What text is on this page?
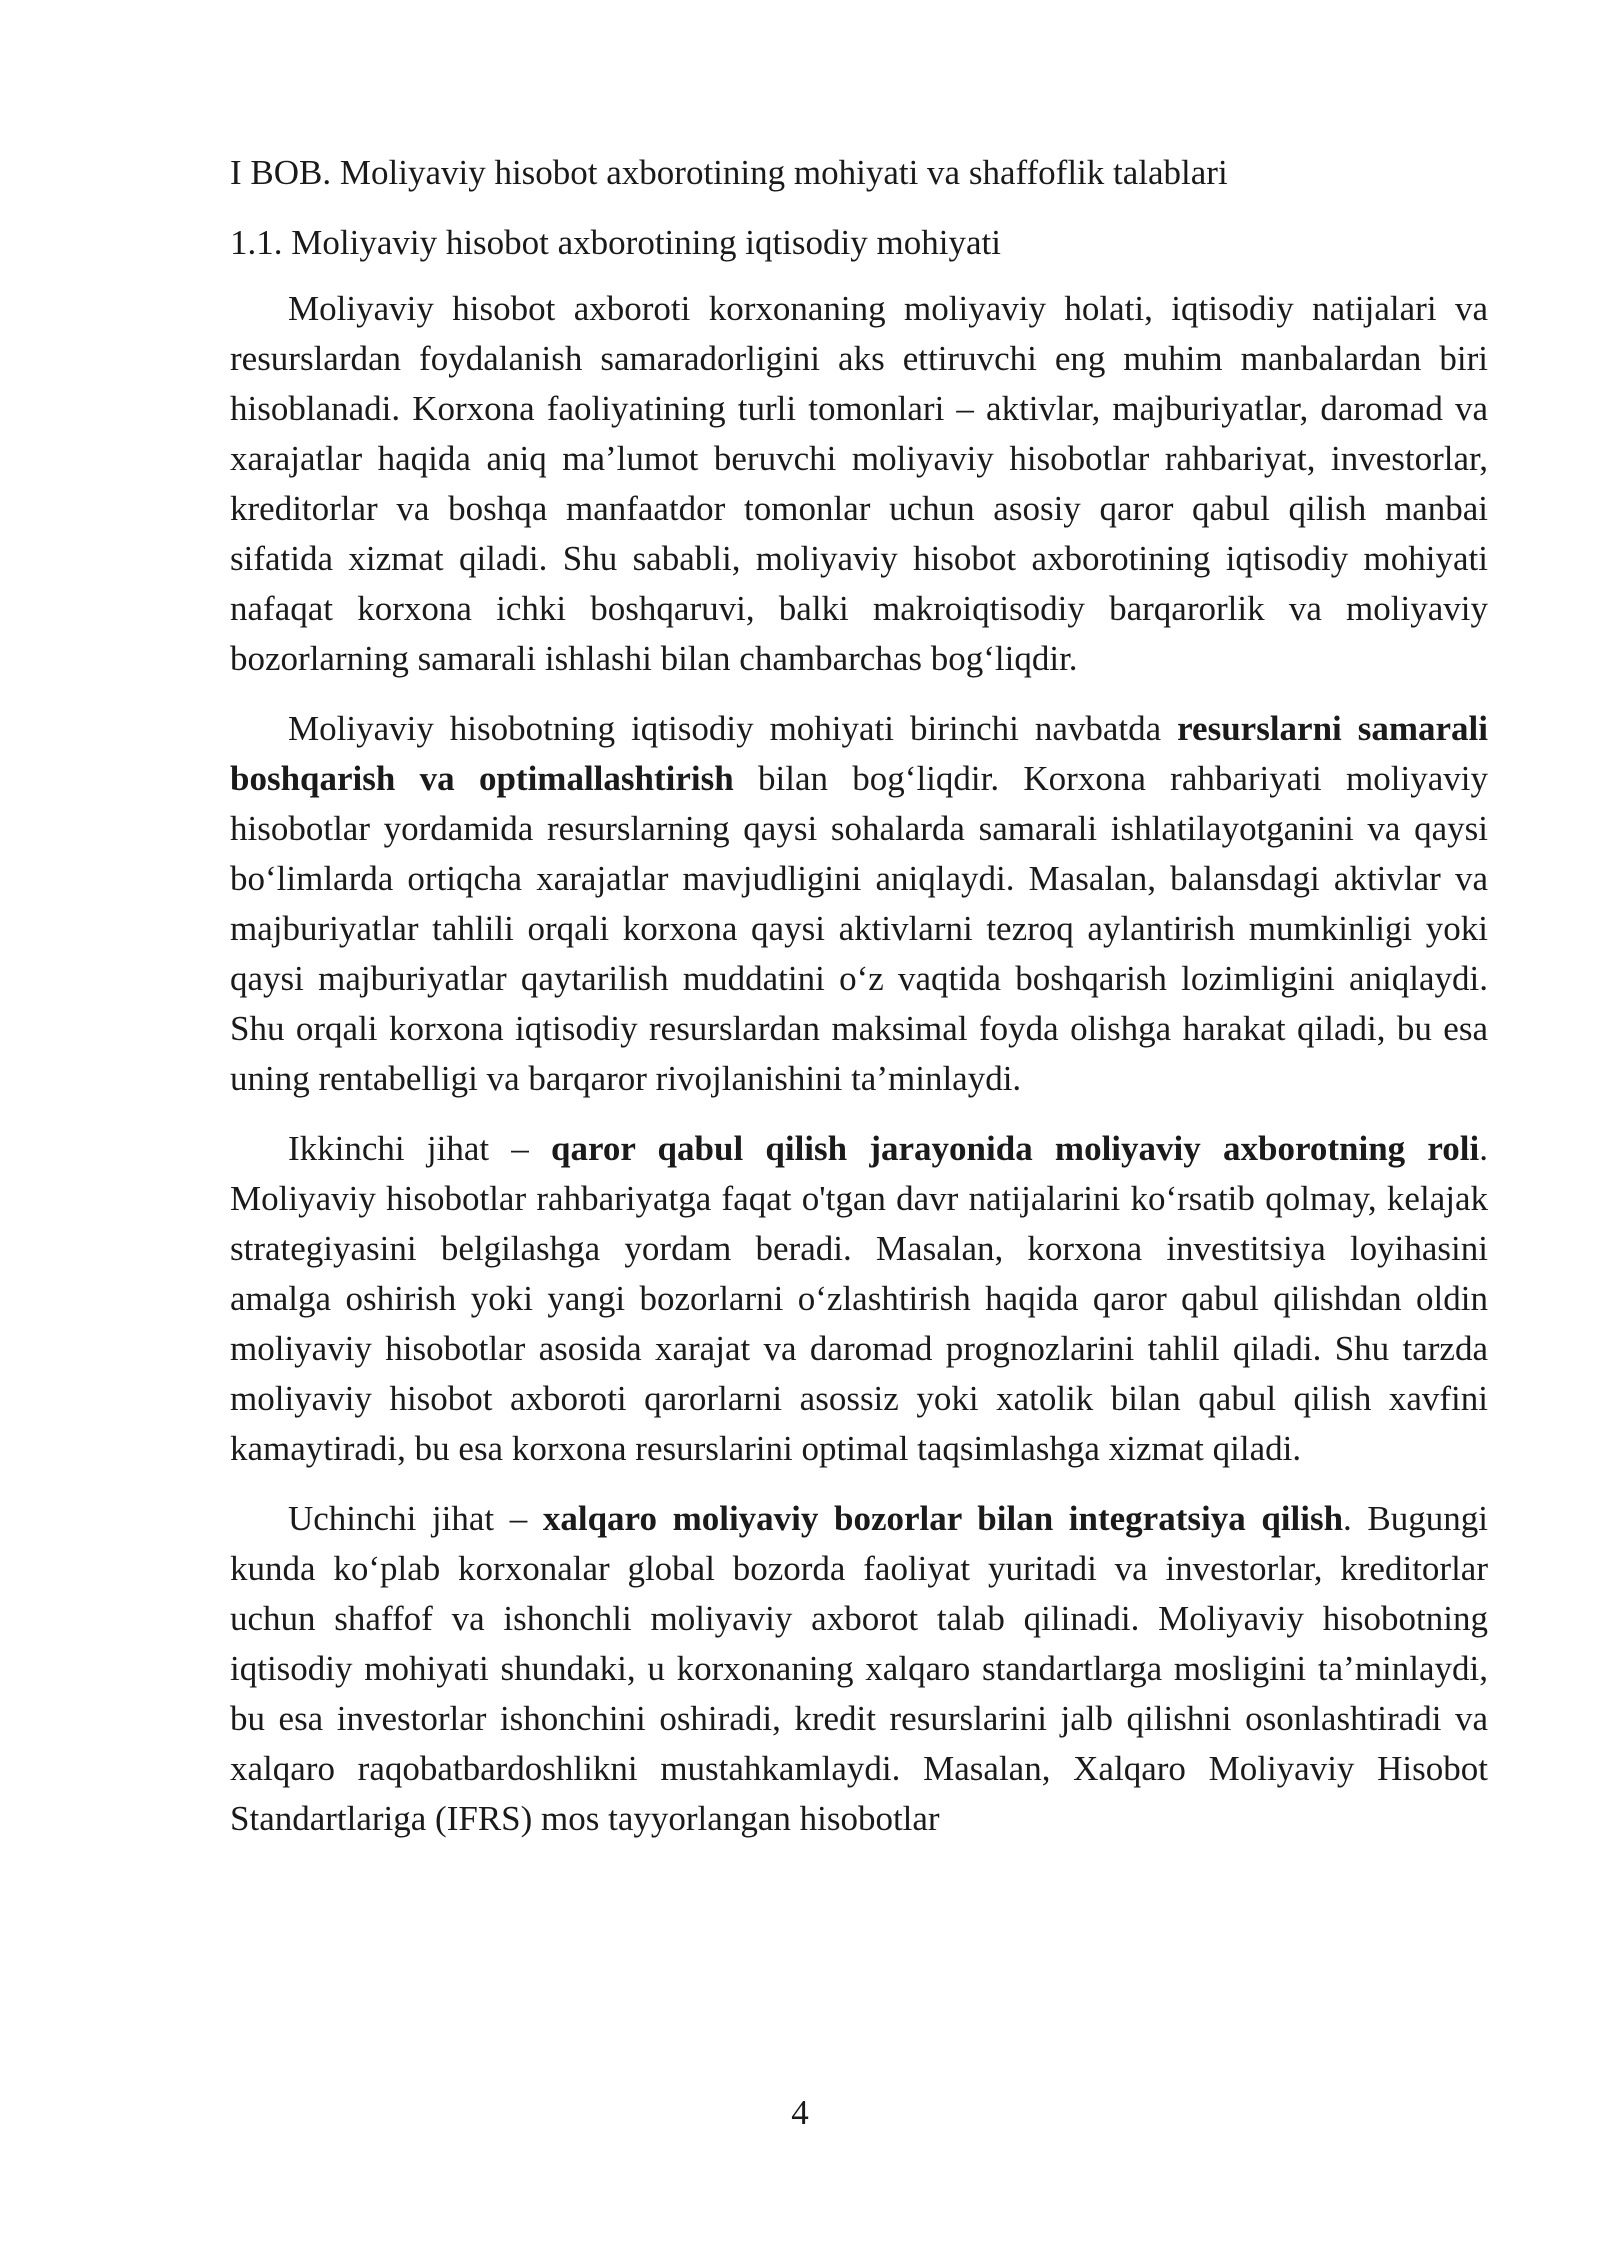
I BOB. Moliyaviy hisobot axborotining mohiyati va shaffoflik talablari

1.1. Moliyaviy hisobot axborotining iqtisodiy mohiyati

Moliyaviy hisobot axboroti korxonaning moliyaviy holati, iqtisodiy natijalari va resurslardan foydalanish samaradorligini aks ettiruvchi eng muhim manbalardan biri hisoblanadi. Korxona faoliyatining turli tomonlari – aktivlar, majburiyatlar, daromad va xarajatlar haqida aniq ma’lumot beruvchi moliyaviy hisobotlar rahbariyat, investorlar, kreditorlar va boshqa manfaatdor tomonlar uchun asosiy qaror qabul qilish manbai sifatida xizmat qiladi. Shu sababli, moliyaviy hisobot axborotining iqtisodiy mohiyati nafaqat korxona ichki boshqaruvi, balki makroiqtisodiy barqarorlik va moliyaviy bozorlarning samarali ishlashi bilan chambarchas bog‘liqdir.

Moliyaviy hisobotning iqtisodiy mohiyati birinchi navbatda resurslarni samarali boshqarish va optimallashtirish bilan bog‘liqdir. Korxona rahbariyati moliyaviy hisobotlar yordamida resurslarning qaysi sohalarda samarali ishlatilayotganini va qaysi bo‘limlarda ortiqcha xarajatlar mavjudligini aniqlaydi. Masalan, balansdagi aktivlar va majburiyatlar tahlili orqali korxona qaysi aktivlarni tezroq aylantirish mumkinligi yoki qaysi majburiyatlar qaytarilish muddatini o‘z vaqtida boshqarish lozimligini aniqlaydi. Shu orqali korxona iqtisodiy resurslardan maksimal foyda olishga harakat qiladi, bu esa uning rentabelligi va barqaror rivojlanishini ta’minlaydi.

Ikkinchi jihat – qaror qabul qilish jarayonida moliyaviy axborotning roli. Moliyaviy hisobotlar rahbariyatga faqat o'tgan davr natijalarini ko‘rsatib qolmay, kelajak strategiyasini belgilashga yordam beradi. Masalan, korxona investitsiya loyihasini amalga oshirish yoki yangi bozorlarni o‘zlashtirish haqida qaror qabul qilishdan oldin moliyaviy hisobotlar asosida xarajat va daromad prognozlarini tahlil qiladi. Shu tarzda moliyaviy hisobot axboroti qarorlarni asossiz yoki xatolik bilan qabul qilish xavfini kamaytiradi, bu esa korxona resurslarini optimal taqsimlashga xizmat qiladi.

Uchinchi jihat – xalqaro moliyaviy bozorlar bilan integratsiya qilish. Bugungi kunda ko‘plab korxonalar global bozorda faoliyat yuritadi va investorlar, kreditorlar uchun shaffof va ishonchli moliyaviy axborot talab qilinadi. Moliyaviy hisobotning iqtisodiy mohiyati shundaki, u korxonaning xalqaro standartlarga mosligini ta’minlaydi, bu esa investorlar ishonchini oshiradi, kredit resurslarini jalb qilishni osonlashtiradi va xalqaro raqobatbardoshlikni mustahkamlaydi. Masalan, Xalqaro Moliyaviy Hisobot Standartlariga (IFRS) mos tayyorlangan hisobotlar

4
